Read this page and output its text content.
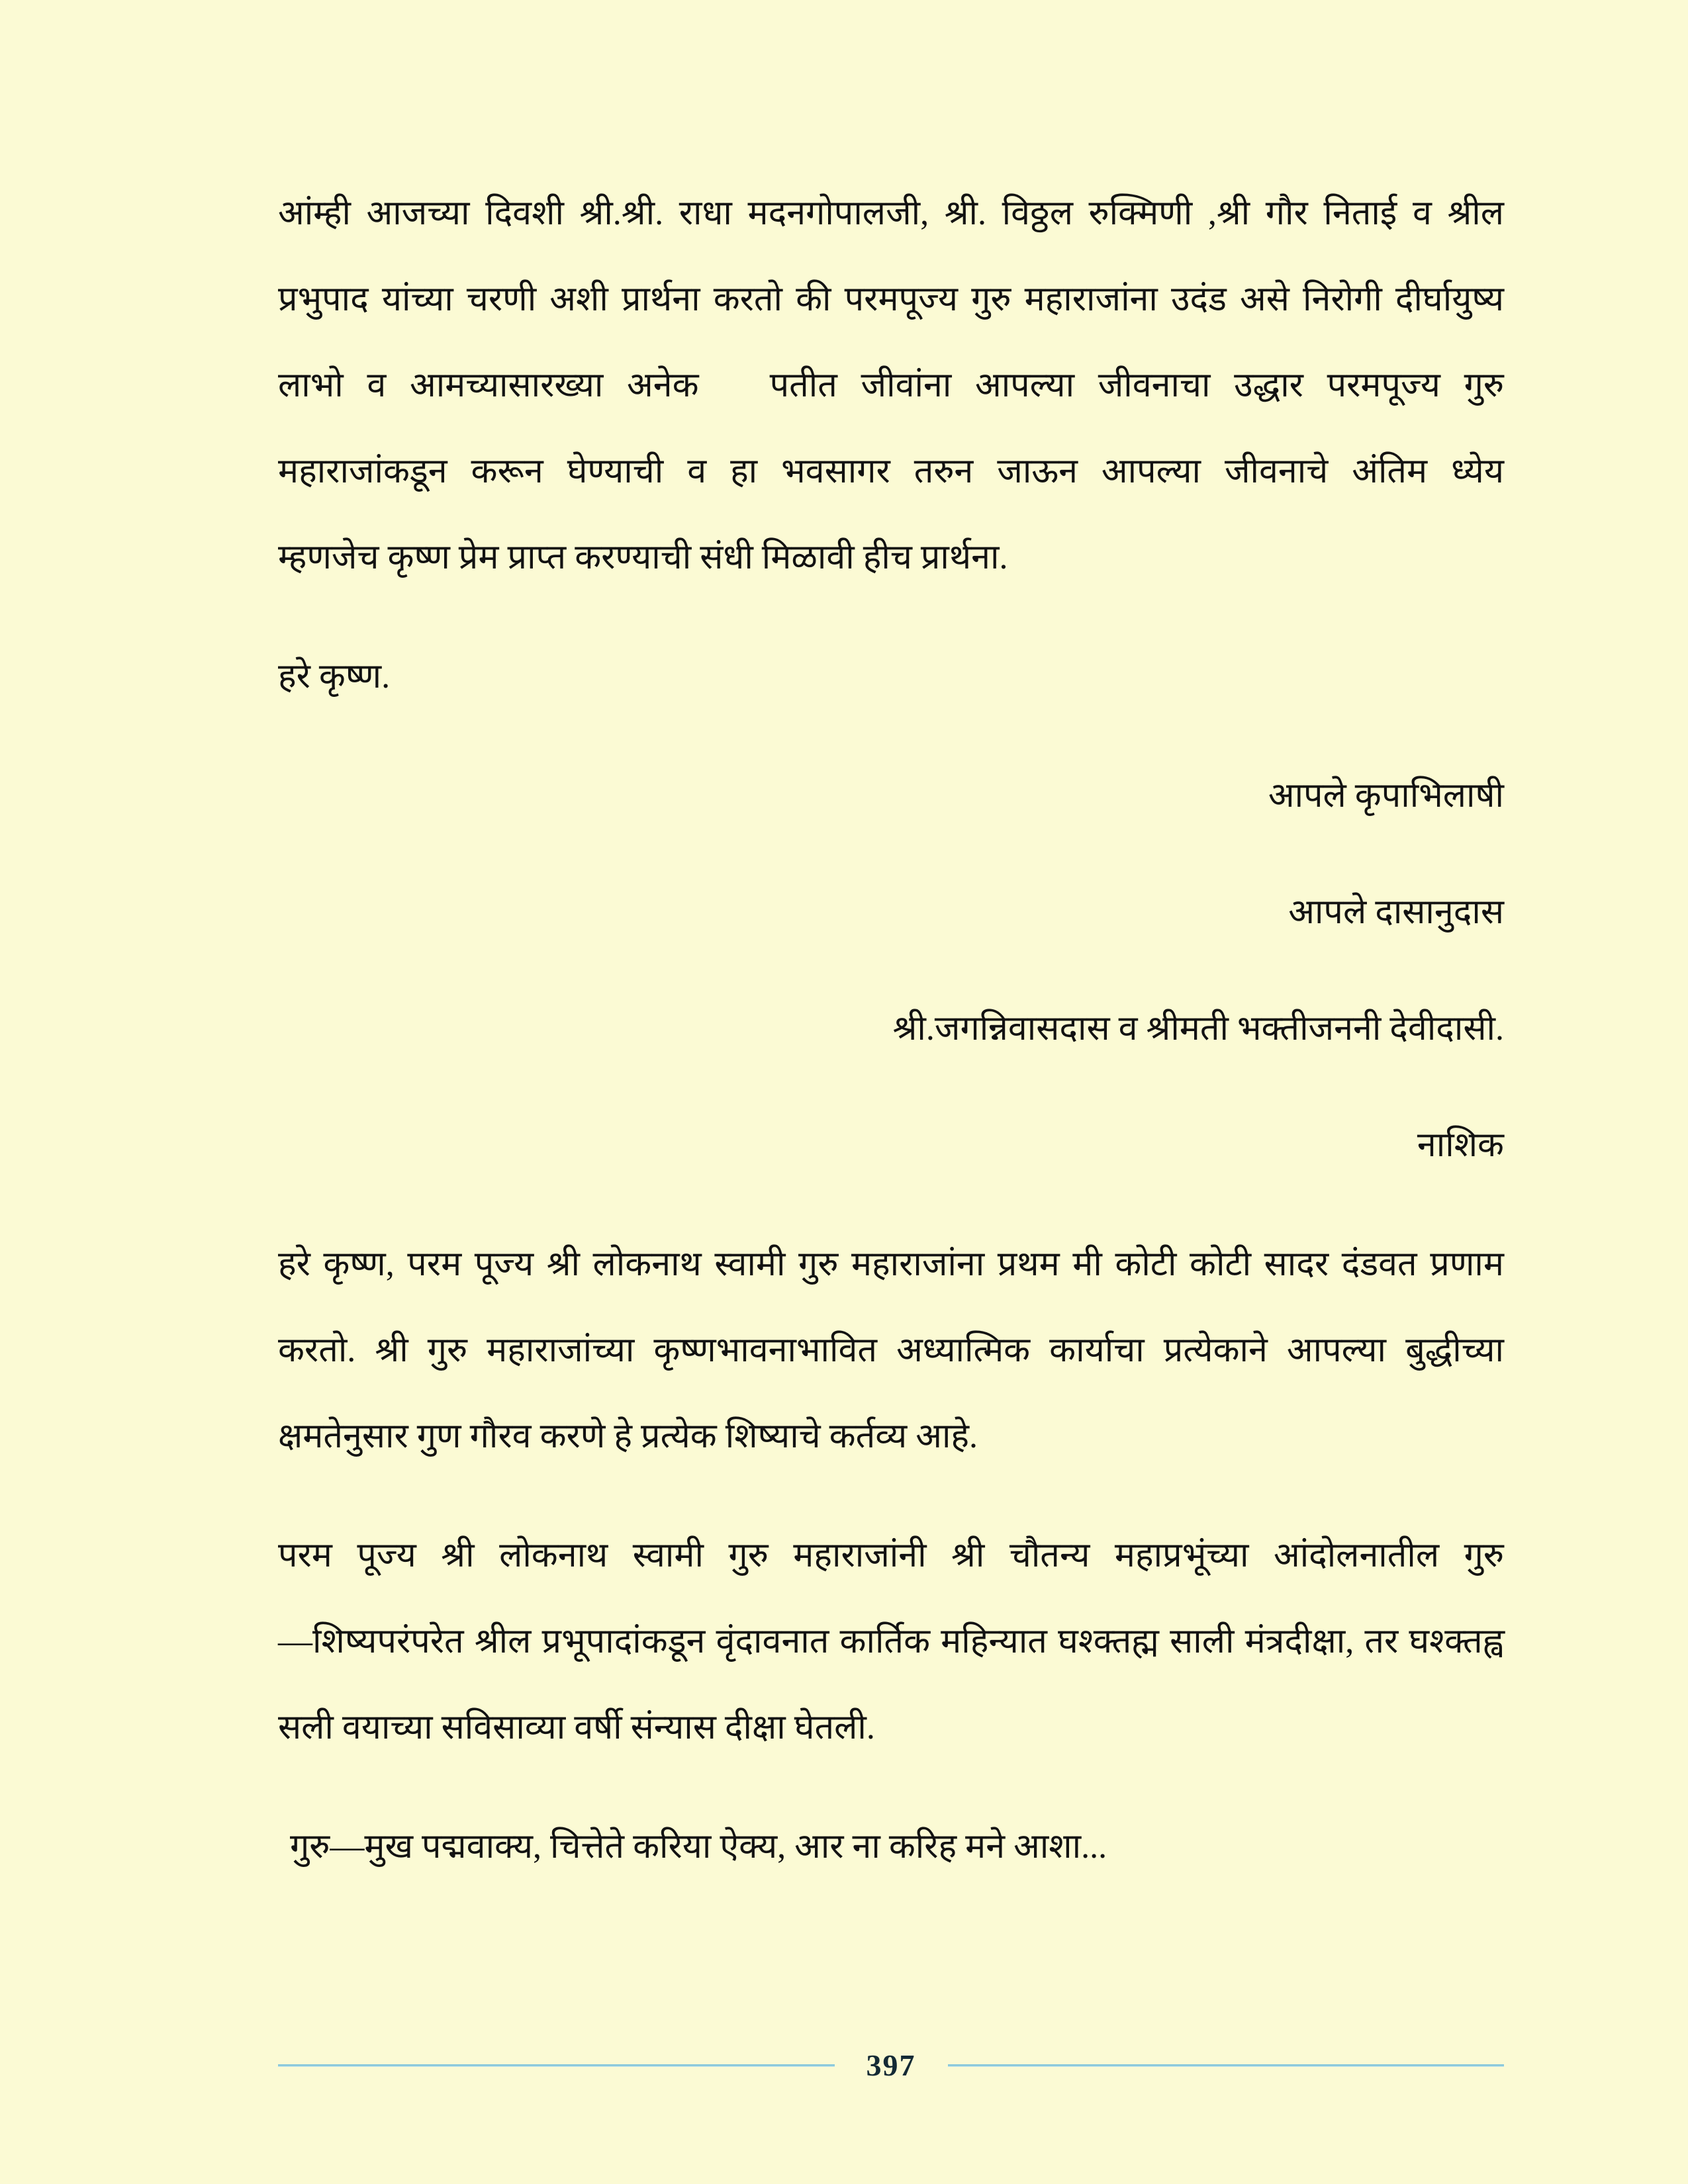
आंम्ही आजच्या दिवशी श्री.श्री. राधा मदनगोपालजी, श्री. विठ्ठल रुक्मिणी ,श्री गौर निताई व श्रील
प्रभुपाद यांच्या चरणी अशी प्रार्थना करतो की परमपूज्य गुरु महाराजांना उदंड असे निरोगी दीर्घायुष्य
लाभो व आमच्यासारख्या अनेक   पतीत जीवांना आपल्या जीवनाचा उद्धार परमपूज्य गुरु
महाराजांकडून करून घेण्याची व हा भवसागर तरुन जाऊन आपल्या जीवनाचे अंतिम ध्येय
म्हणजेच कृष्ण प्रेम प्राप्त करण्याची संधी मिळावी हीच प्रार्थना.
हरे कृष्ण.
आपले कृपाभिलाषी
आपले दासानुदास
श्री.जगन्निवासदास व श्रीमती भक्तीजननी देवीदासी.
नाशिक
हरे कृष्ण, परम पूज्य श्री लोकनाथ स्वामी गुरु महाराजांना प्रथम मी कोटी कोटी सादर दंडवत प्रणाम
करतो. श्री गुरु महाराजांच्या कृष्णभावनाभावित अध्यात्मिक कार्याचा प्रत्येकाने आपल्या बुद्धीच्या
क्षमतेनुसार गुण गौरव करणे हे प्रत्येक शिष्याचे कर्तव्य आहे.
परम पूज्य श्री लोकनाथ स्वामी गुरु महाराजांनी श्री चौतन्य महाप्रभूंच्या आंदोलनातील गुरु
—शिष्यपरंपरेत श्रील प्रभूपादांकडून वृंदावनात कार्तिक महिन्यात घश्क्तह्म साली मंत्रदीक्षा, तर घश्क्तह्व
सली वयाच्या सविसाव्या वर्षी संन्यास दीक्षा घेतली.
गुरु—मुख पद्मवाक्य, चित्तेते करिया ऐक्य, आर ना करिह मने आशा...
397
